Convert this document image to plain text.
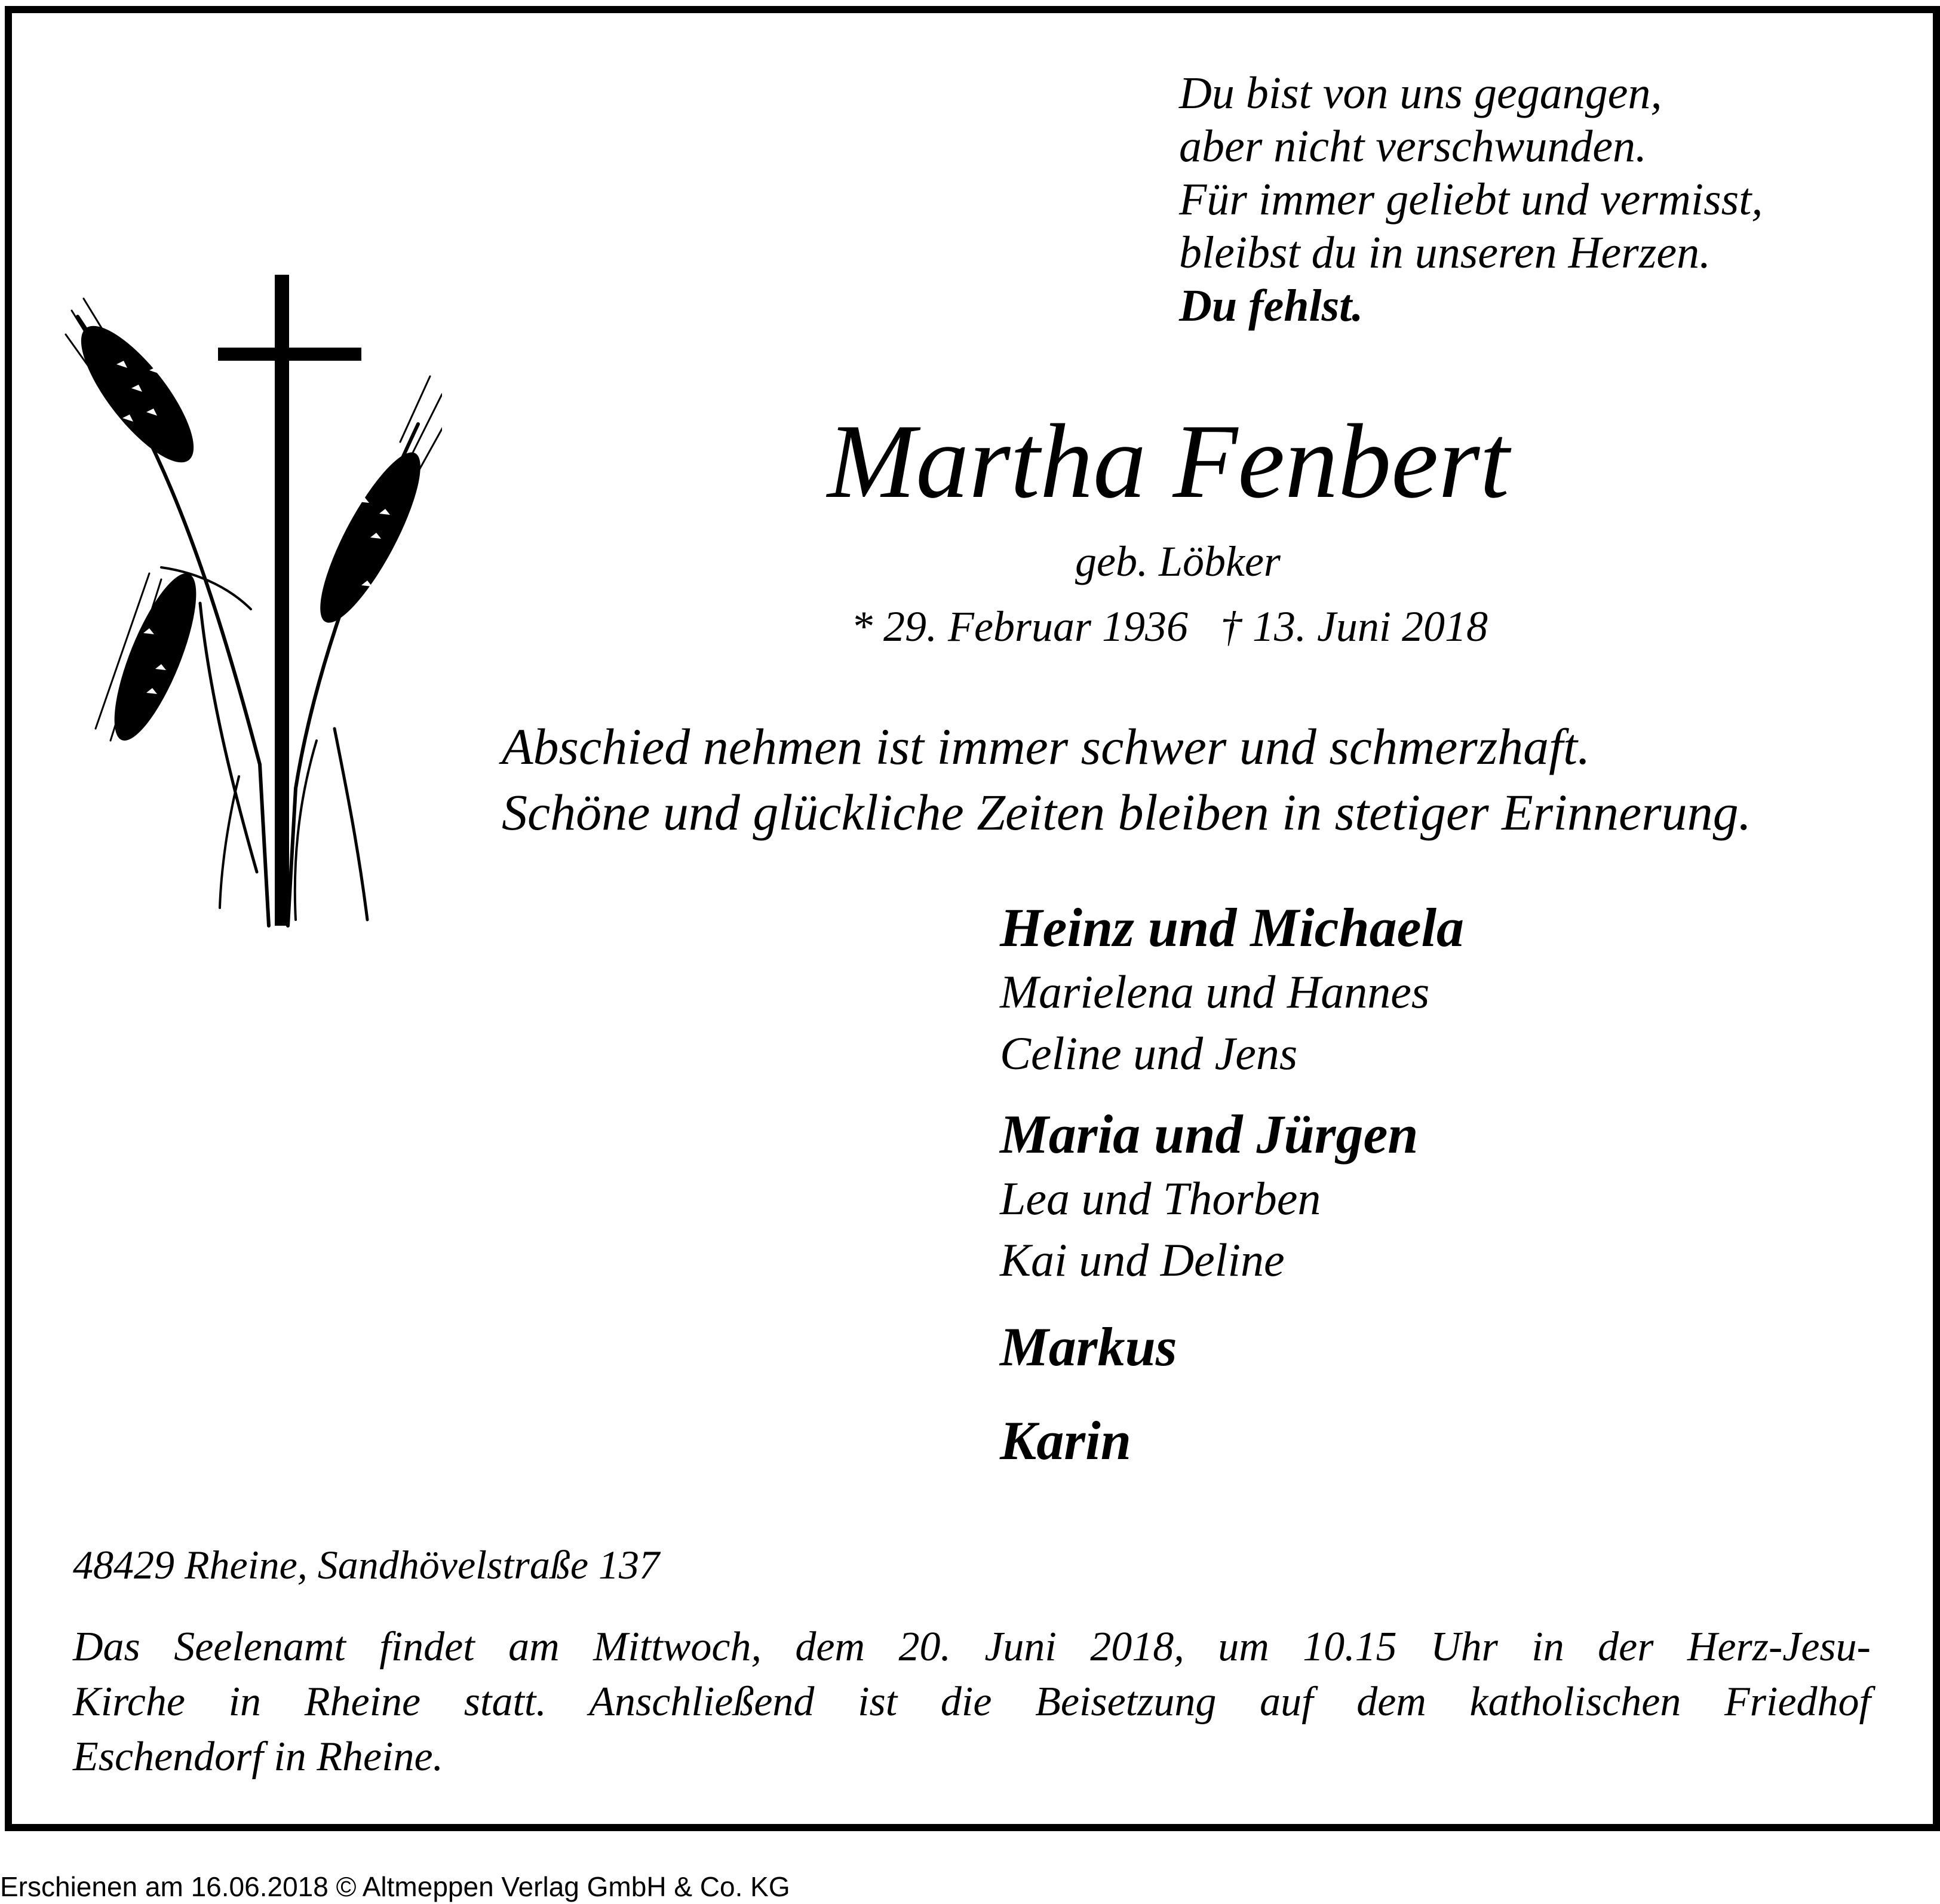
Du bist von uns gegangen,
aber nicht verschwunden.
Für immer geliebt und vermisst,
bleibst du in unseren Herzen.
Du fehlst.
Martha Fenbert
geb. Löbker
* 29. Februar 1936   † 13. Juni 2018
Abschied nehmen ist immer schwer und schmerzhaft.
Schöne und glückliche Zeiten bleiben in stetiger Erinnerung.
Heinz und Michaela
Marielena und Hannes
Celine und Jens
Maria und Jürgen
Lea und Thorben
Kai und Deline
Markus
Karin
48429 Rheine, Sandhövelstraße 137
Das Seelenamt findet am Mittwoch, dem 20. Juni 2018, um 10.15 Uhr in der Herz-Jesu-
Kirche in Rheine statt. Anschließend ist die Beisetzung auf dem katholischen Friedhof
Eschendorf in Rheine.
Erschienen am 16.06.2018 © Altmeppen Verlag GmbH & Co. KG
